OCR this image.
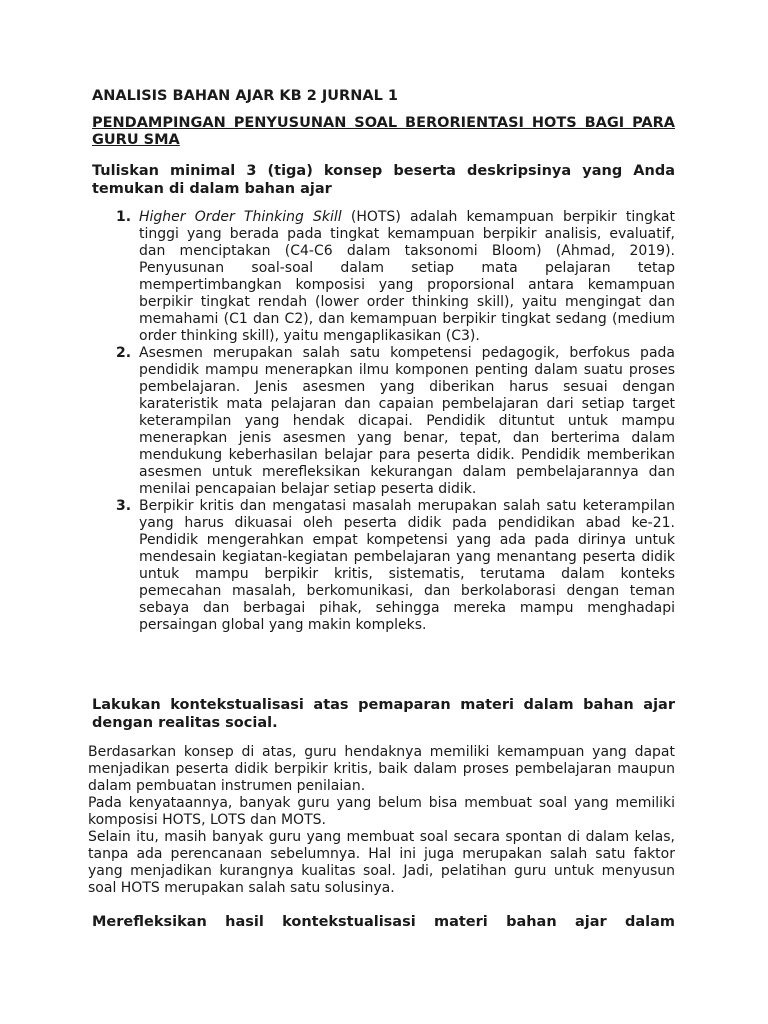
ANALISIS BAHAN AJAR KB 2 JURNAL 1
PENDAMPINGAN PENYUSUNAN SOAL BERORIENTASI HOTS BAGI PARA GURU SMA
Tuliskan minimal 3 (tiga) konsep beserta deskripsinya yang Anda temukan di dalam bahan ajar
1. Higher Order Thinking Skill (HOTS) adalah kemampuan berpikir tingkat tinggi yang berada pada tingkat kemampuan berpikir analisis, evaluatif, dan menciptakan (C4-C6 dalam taksonomi Bloom) (Ahmad, 2019). Penyusunan soal-soal dalam setiap mata pelajaran tetap mempertimbangkan komposisi yang proporsional antara kemampuan berpikir tingkat rendah (lower order thinking skill), yaitu mengingat dan memahami (C1 dan C2), dan kemampuan berpikir tingkat sedang (medium order thinking skill), yaitu mengaplikasikan (C3).
2. Asesmen merupakan salah satu kompetensi pedagogik, berfokus pada pendidik mampu menerapkan ilmu komponen penting dalam suatu proses pembelajaran. Jenis asesmen yang diberikan harus sesuai dengan karateristik mata pelajaran dan capaian pembelajaran dari setiap target keterampilan yang hendak dicapai. Pendidik dituntut untuk mampu menerapkan jenis asesmen yang benar, tepat, dan berterima dalam mendukung keberhasilan belajar para peserta didik. Pendidik memberikan asesmen untuk merefleksikan kekurangan dalam pembelajarannya dan menilai pencapaian belajar setiap peserta didik.
3. Berpikir kritis dan mengatasi masalah merupakan salah satu keterampilan yang harus dikuasai oleh peserta didik pada pendidikan abad ke-21. Pendidik mengerahkan empat kompetensi yang ada pada dirinya untuk mendesain kegiatan-kegiatan pembelajaran yang menantang peserta didik untuk mampu berpikir kritis, sistematis, terutama dalam konteks pemecahan masalah, berkomunikasi, dan berkolaborasi dengan teman sebaya dan berbagai pihak, sehingga mereka mampu menghadapi persaingan global yang makin kompleks.
Lakukan kontekstualisasi atas pemaparan materi dalam bahan ajar dengan realitas social.

Berdasarkan konsep di atas, guru hendaknya memiliki kemampuan yang dapat menjadikan peserta didik berpikir kritis, baik dalam proses pembelajaran maupun dalam pembuatan instrumen penilaian.

Pada kenyataannya, banyak guru yang belum bisa membuat soal yang memiliki komposisi HOTS, LOTS dan MOTS.

Selain itu, masih banyak guru yang membuat soal secara spontan di dalam kelas, tanpa ada perencanaan sebelumnya. Hal ini juga merupakan salah satu faktor yang menjadikan kurangnya kualitas soal. Jadi, pelatihan guru untuk menyusun soal HOTS merupakan salah satu solusinya.

Merefleksikan hasil kontekstualisasi materi bahan ajar dalam
